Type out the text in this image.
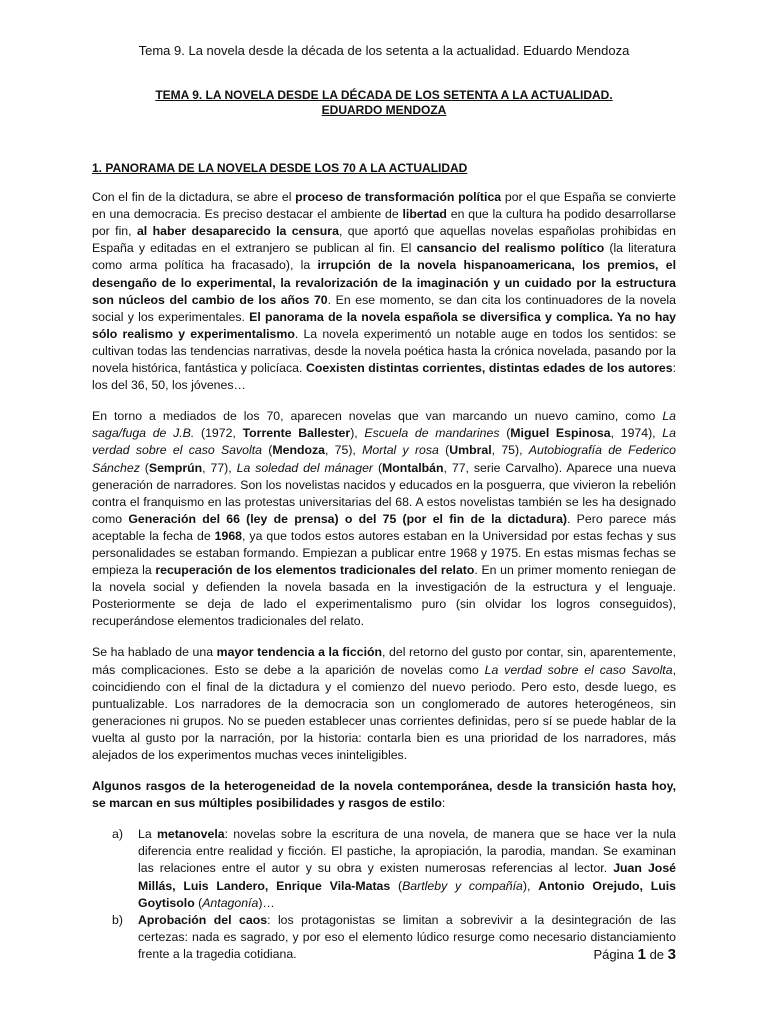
Tema 9. La novela desde la década de los setenta a la actualidad. Eduardo Mendoza
TEMA 9. LA NOVELA DESDE LA DÉCADA DE LOS SETENTA A LA ACTUALIDAD.
EDUARDO MENDOZA
1. PANORAMA DE LA NOVELA DESDE LOS 70 A LA ACTUALIDAD

Con el fin de la dictadura, se abre el proceso de transformación política por el que España se convierte en una democracia. Es preciso destacar el ambiente de libertad en que la cultura ha podido desarrollarse por fin, al haber desaparecido la censura, que aportó que aquellas novelas españolas prohibidas en España y editadas en el extranjero se publican al fin. El cansancio del realismo político (la literatura como arma política ha fracasado), la irrupción de la novela hispanoamericana, los premios, el desengaño de lo experimental, la revalorización de la imaginación y un cuidado por la estructura son núcleos del cambio de los años 70. En ese momento, se dan cita los continuadores de la novela social y los experimentales. El panorama de la novela española se diversifica y complica. Ya no hay sólo realismo y experimentalismo. La novela experimentó un notable auge en todos los sentidos: se cultivan todas las tendencias narrativas, desde la novela poética hasta la crónica novelada, pasando por la novela histórica, fantástica y policíaca. Coexisten distintas corrientes, distintas edades de los autores: los del 36, 50, los jóvenes…

En torno a mediados de los 70, aparecen novelas que van marcando un nuevo camino, como La saga/fuga de J.B. (1972, Torrente Ballester), Escuela de mandarines (Miguel Espinosa, 1974), La verdad sobre el caso Savolta (Mendoza, 75), Mortal y rosa (Umbral, 75), Autobiografía de Federico Sánchez (Semprún, 77), La soledad del mánager (Montalbán, 77, serie Carvalho). Aparece una nueva generación de narradores. Son los novelistas nacidos y educados en la posguerra, que vivieron la rebelión contra el franquismo en las protestas universitarias del 68. A estos novelistas también se les ha designado como Generación del 66 (ley de prensa) o del 75 (por el fin de la dictadura). Pero parece más aceptable la fecha de 1968, ya que todos estos autores estaban en la Universidad por estas fechas y sus personalidades se estaban formando. Empiezan a publicar entre 1968 y 1975. En estas mismas fechas se empieza la recuperación de los elementos tradicionales del relato. En un primer momento reniegan de la novela social y defienden la novela basada en la investigación de la estructura y el lenguaje. Posteriormente se deja de lado el experimentalismo puro (sin olvidar los logros conseguidos), recuperándose elementos tradicionales del relato.

Se ha hablado de una mayor tendencia a la ficción, del retorno del gusto por contar, sin, aparentemente, más complicaciones. Esto se debe a la aparición de novelas como La verdad sobre el caso Savolta, coincidiendo con el final de la dictadura y el comienzo del nuevo periodo. Pero esto, desde luego, es puntualizable. Los narradores de la democracia son un conglomerado de autores heterogéneos, sin generaciones ni grupos. No se pueden establecer unas corrientes definidas, pero sí se puede hablar de la vuelta al gusto por la narración, por la historia: contarla bien es una prioridad de los narradores, más alejados de los experimentos muchas veces ininteligibles.

Algunos rasgos de la heterogeneidad de la novela contemporánea, desde la transición hasta hoy, se marcan en sus múltiples posibilidades y rasgos de estilo:

a) La metanovela: novelas sobre la escritura de una novela, de manera que se hace ver la nula diferencia entre realidad y ficción. El pastiche, la apropiación, la parodia, mandan. Se examinan las relaciones entre el autor y su obra y existen numerosas referencias al lector. Juan José Millás, Luis Landero, Enrique Vila-Matas (Bartleby y compañía), Antonio Orejudo, Luis Goytisolo (Antagonía)…
b) Aprobación del caos: los protagonistas se limitan a sobrevivir a la desintegración de las certezas: nada es sagrado, y por eso el elemento lúdico resurge como necesario distanciamiento frente a la tragedia cotidiana.	Página 1 de 3
